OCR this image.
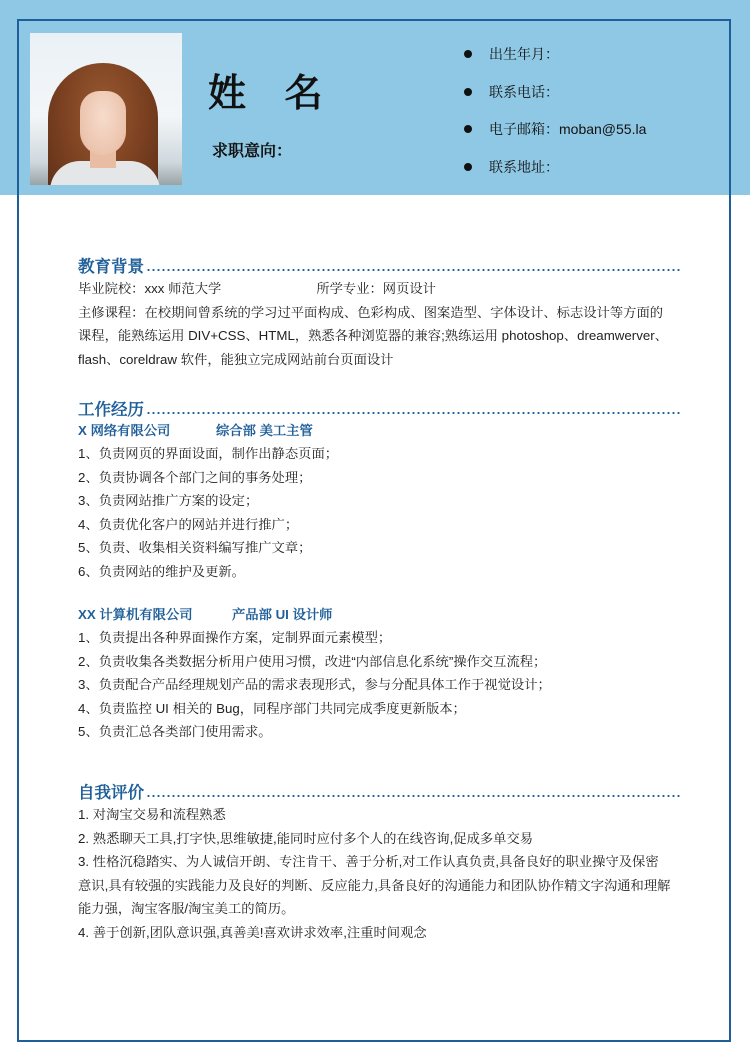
姓 名
求职意向：
出生年月：
联系电话：
电子邮箱：moban@55.la
联系地址：
教育背景
毕业院校：xxx 师范大学	所学专业：网页设计
主修课程：在校期间曾系统的学习过平面构成、色彩构成、图案造型、字体设计、标志设计等方面的
课程，能熟练运用 DIV+CSS、HTML，熟悉各种浏览器的兼容;熟练运用 photoshop、dreamwerver、
flash、coreldraw 软件，能独立完成网站前台页面设计
工作经历
X 网络有限公司	综合部 美工主管
1、负责网页的界面设面，制作出静态页面；
2、负责协调各个部门之间的事务处理；
3、负责网站推广方案的设定；
4、负责优化客户的网站并进行推广；
5、负责、收集相关资料编写推广文章；
6、负责网站的维护及更新。
XX 计算机有限公司	产品部 UI 设计师
1、负责提出各种界面操作方案，定制界面元素模型；
2、负责收集各类数据分析用户使用习惯，改进“内部信息化系统”操作交互流程；
3、负责配合产品经理规划产品的需求表现形式，参与分配具体工作于视觉设计；
4、负责监控 UI 相关的 Bug，同程序部门共同完成季度更新版本；
5、负责汇总各类部门使用需求。
自我评价
1. 对淘宝交易和流程熟悉
2. 熟悉聊天工具,打字快,思维敏捷,能同时应付多个人的在线咨询,促成多单交易
3. 性格沉稳踏实、为人诚信开朗、专注肯干、善于分析,对工作认真负责,具备良好的职业操守及保密
意识,具有较强的实践能力及良好的判断、反应能力,具备良好的沟通能力和团队协作精文字沟通和理解
能力强，淘宝客服/淘宝美工的简历。
4. 善于创新,团队意识强,真善美!喜欢讲求效率,注重时间观念
